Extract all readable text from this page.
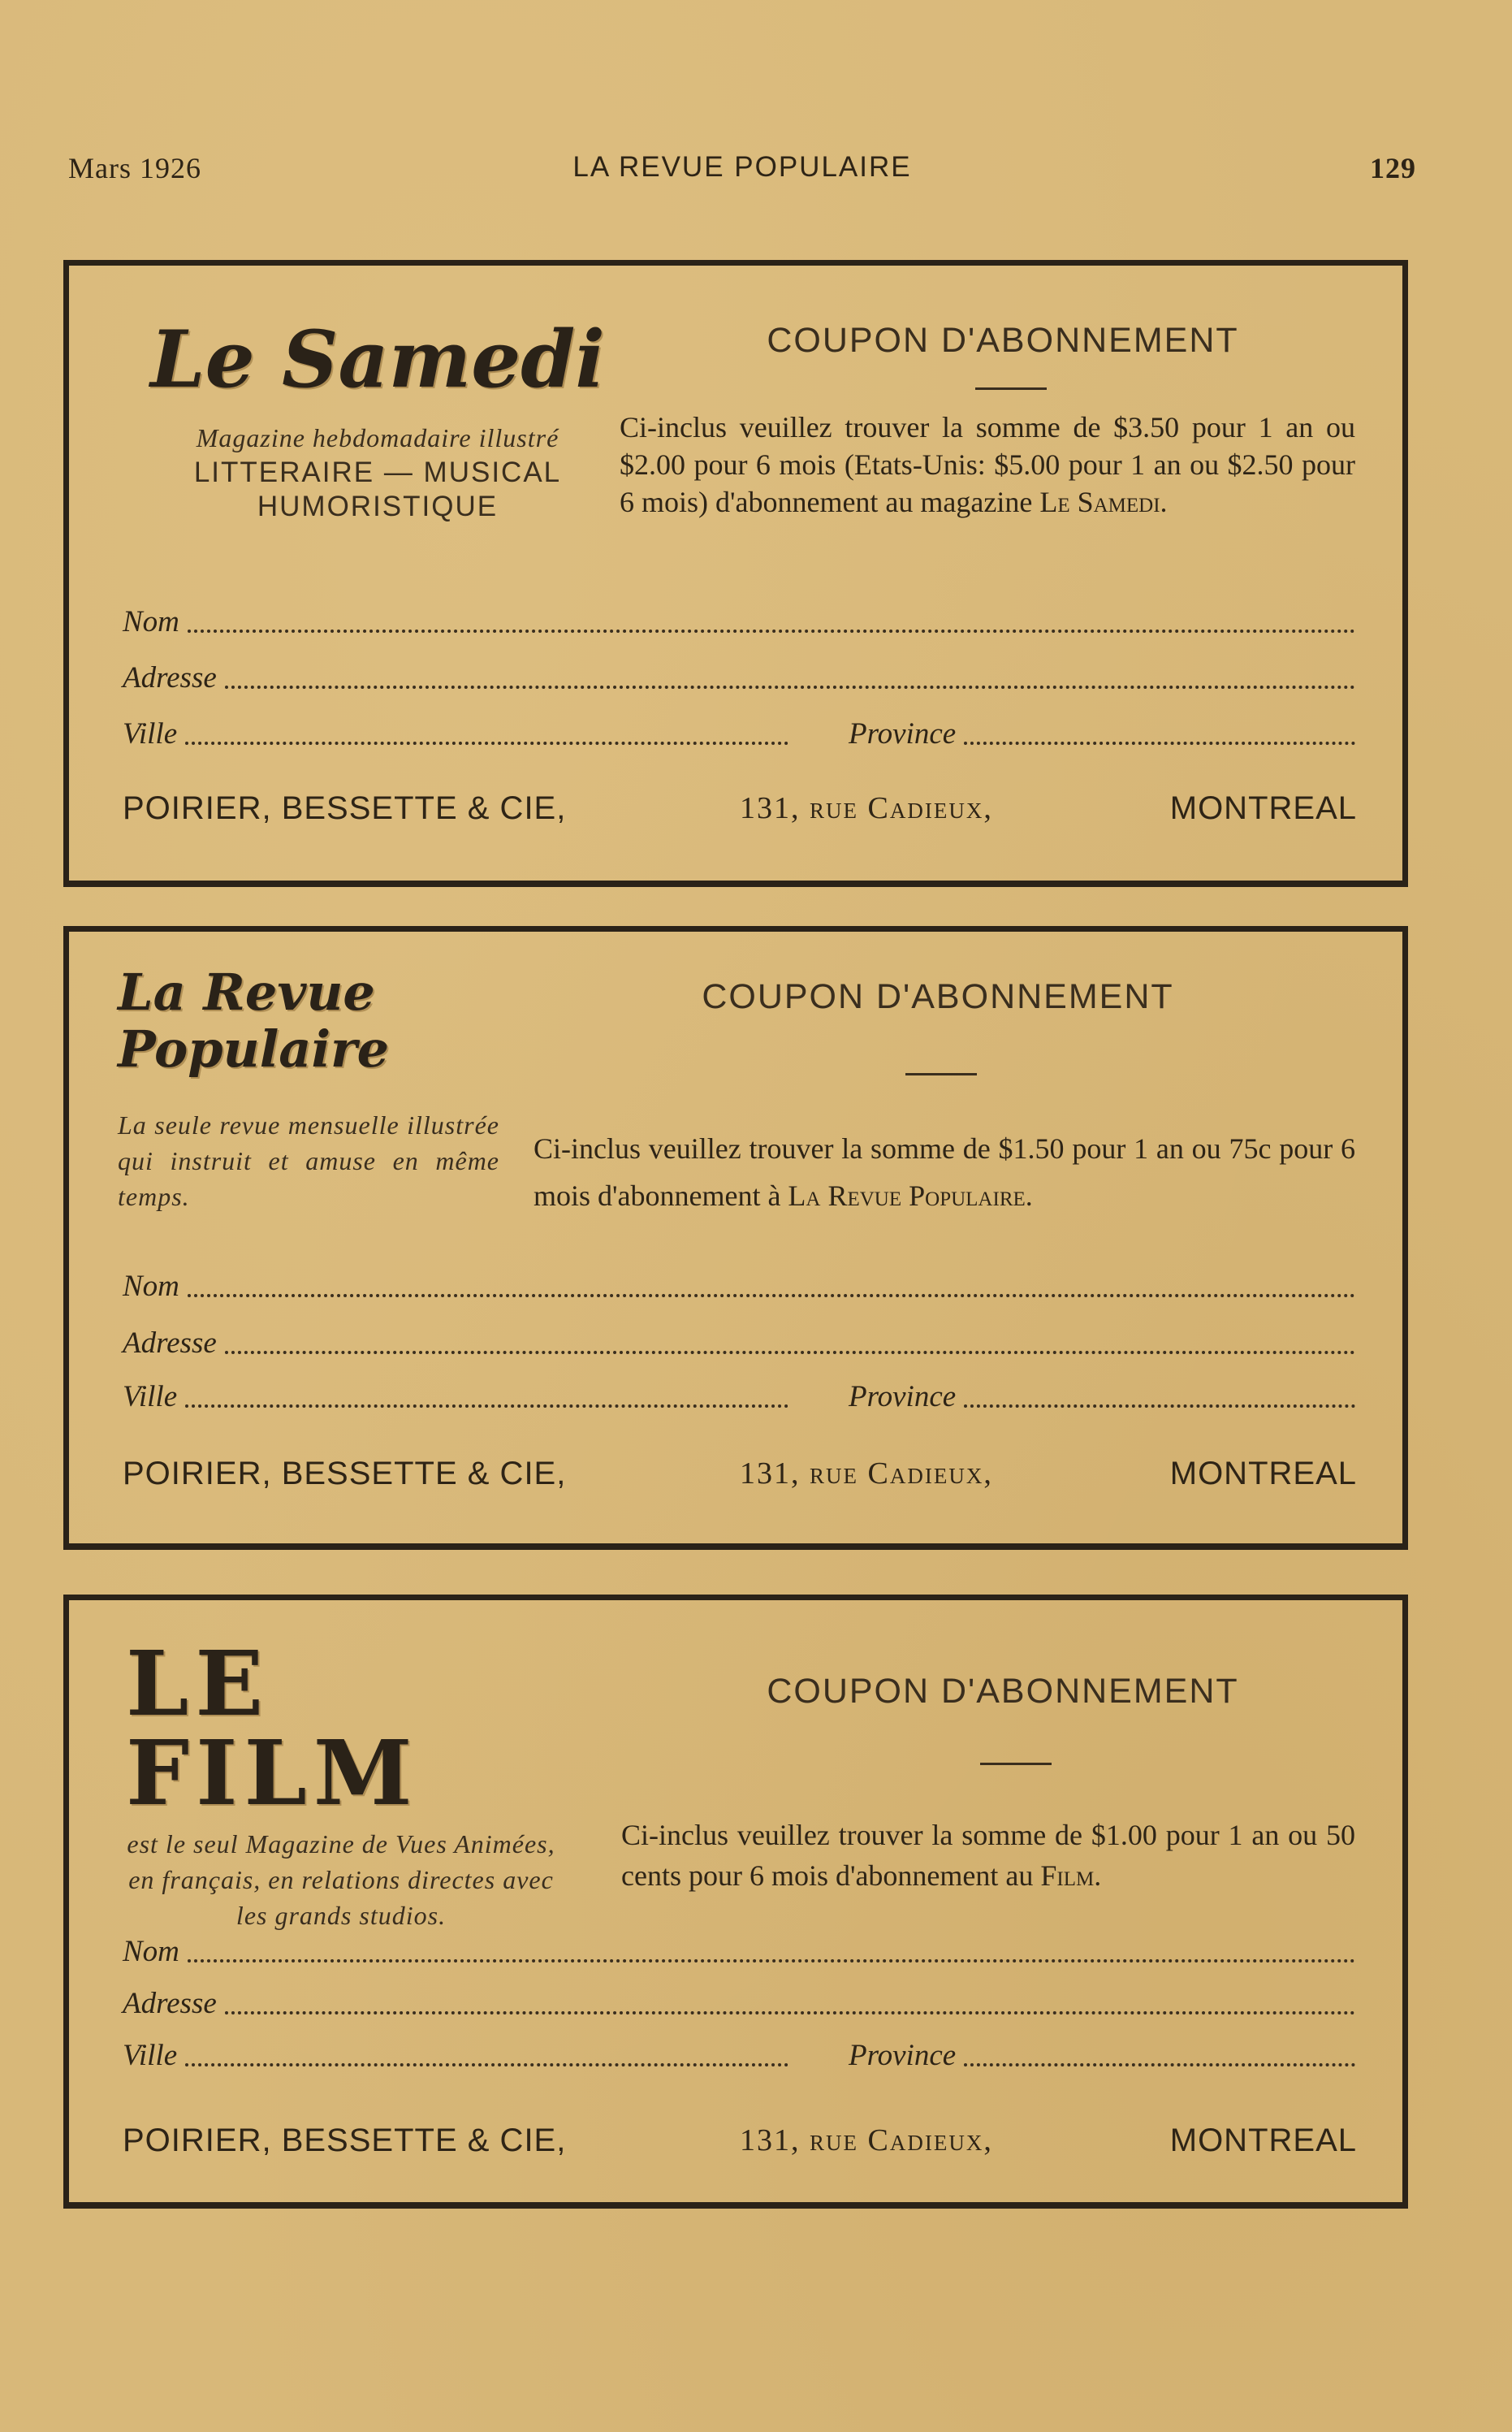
Mars 1926	LA REVUE POPULAIRE	129
Le Samedi
Magazine hebdomadaire illustré
LITTERAIRE — MUSICAL
HUMORISTIQUE
COUPON D'ABONNEMENT
Ci-inclus veuillez trouver la somme de $3.50 pour 1 an ou $2.00 pour 6 mois (Etats-Unis: $5.00 pour 1 an ou $2.50 pour 6 mois) d'abonnement au magazine Le Samedi.
Nom
Adresse
Ville	Province
POIRIER, BESSETTE & CIE,	131, rue Cadieux,	MONTREAL
La Revue Populaire
La seule revue mensuelle illustrée qui instruit et amuse en même temps.
COUPON D'ABONNEMENT
Ci-inclus veuillez trouver la somme de $1.50 pour 1 an ou 75c pour 6 mois d'abonnement à La Revue Populaire.
Nom
Adresse
Ville	Province
POIRIER, BESSETTE & CIE,	131, rue Cadieux,	MONTREAL
LE FILM
est le seul Magazine de Vues Animées, en français, en relations directes avec les grands studios.
COUPON D'ABONNEMENT
Ci-inclus veuillez trouver la somme de $1.00 pour 1 an ou 50 cents pour 6 mois d'abonnement au Film.
Nom
Adresse
Ville	Province
POIRIER, BESSETTE & CIE,	131, rue Cadieux,	MONTREAL
